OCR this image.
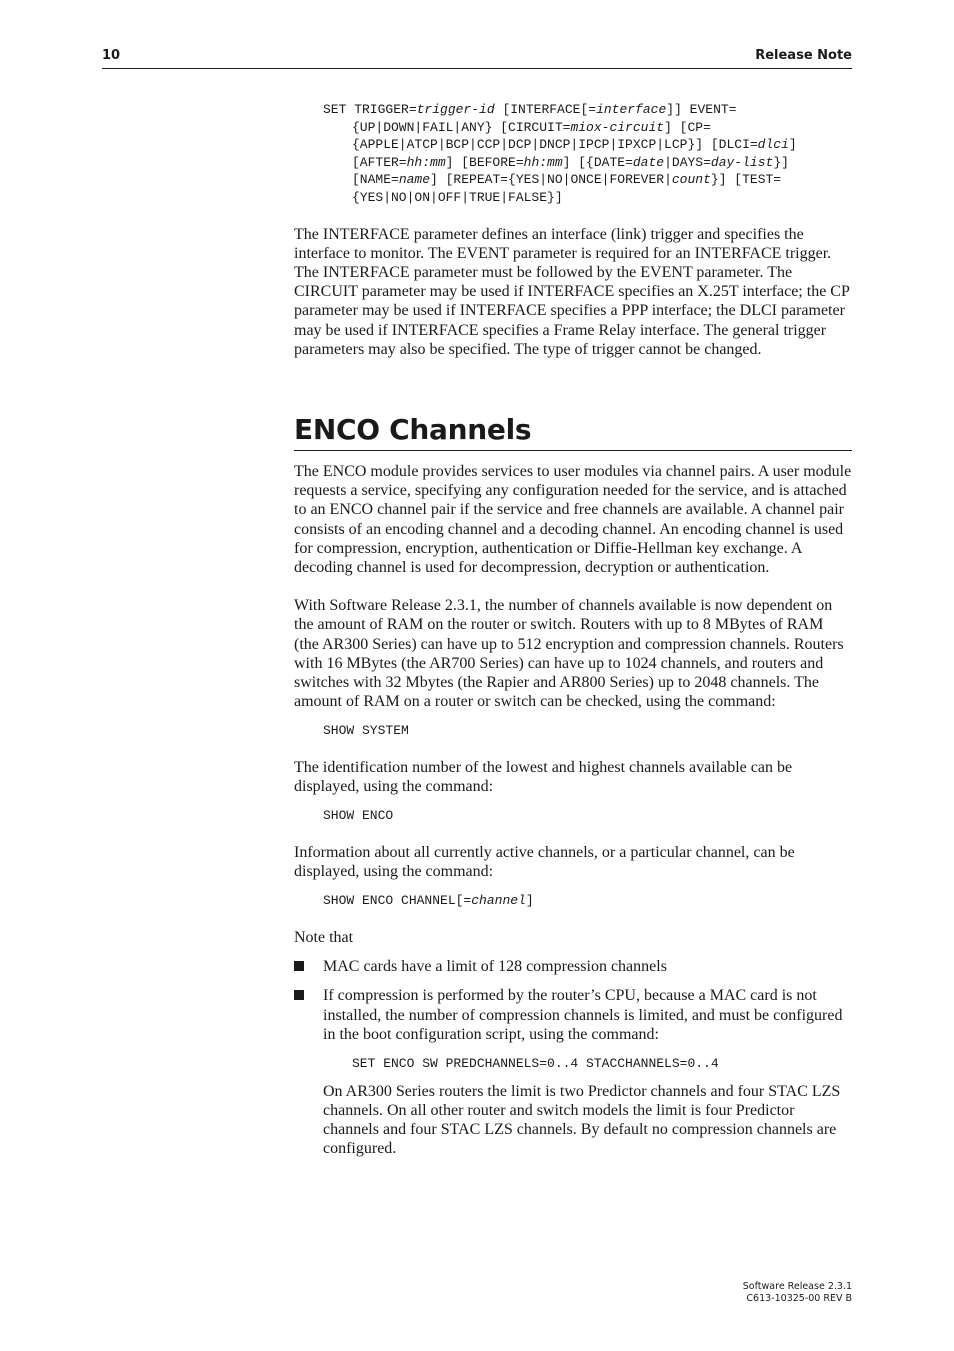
10	Release Note
SET TRIGGER=trigger-id [INTERFACE[=interface]] EVENT={UP|DOWN|FAIL|ANY} [CIRCUIT=miox-circuit] [CP={APPLE|ATCP|BCP|CCP|DCP|DNCP|IPCP|IPXCP|LCP}] [DLCI=dlci] [AFTER=hh:mm] [BEFORE=hh:mm] [{DATE=date|DAYS=day-list}] [NAME=name] [REPEAT={YES|NO|ONCE|FOREVER|count}] [TEST={YES|NO|ON|OFF|TRUE|FALSE}]

The INTERFACE parameter defines an interface (link) trigger and specifies the interface to monitor. The EVENT parameter is required for an INTERFACE trigger. The INTERFACE parameter must be followed by the EVENT parameter. The CIRCUIT parameter may be used if INTERFACE specifies an X.25T interface; the CP parameter may be used if INTERFACE specifies a PPP interface; the DLCI parameter may be used if INTERFACE specifies a Frame Relay interface. The general trigger parameters may also be specified. The type of trigger cannot be changed.

ENCO Channels

The ENCO module provides services to user modules via channel pairs. A user module requests a service, specifying any configuration needed for the service, and is attached to an ENCO channel pair if the service and free channels are available. A channel pair consists of an encoding channel and a decoding channel. An encoding channel is used for compression, encryption, authentication or Diffie-Hellman key exchange. A decoding channel is used for decompression, decryption or authentication.

With Software Release 2.3.1, the number of channels available is now dependent on the amount of RAM on the router or switch. Routers with up to 8 MBytes of RAM (the AR300 Series) can have up to 512 encryption and compression channels. Routers with 16 MBytes (the AR700 Series) can have up to 1024 channels, and routers and switches with 32 Mbytes (the Rapier and AR800 Series) up to 2048 channels. The amount of RAM on a router or switch can be checked, using the command:

SHOW SYSTEM

The identification number of the lowest and highest channels available can be displayed, using the command:

SHOW ENCO

Information about all currently active channels, or a particular channel, can be displayed, using the command:

SHOW ENCO CHANNEL[=channel]

Note that

MAC cards have a limit of 128 compression channels

If compression is performed by the router’s CPU, because a MAC card is not installed, the number of compression channels is limited, and must be configured in the boot configuration script, using the command:

SET ENCO SW PREDCHANNELS=0..4 STACCHANNELS=0..4

On AR300 Series routers the limit is two Predictor channels and four STAC LZS channels. On all other router and switch models the limit is four Predictor channels and four STAC LZS channels. By default no compression channels are configured.

Software Release 2.3.1
C613-10325-00 REV B
